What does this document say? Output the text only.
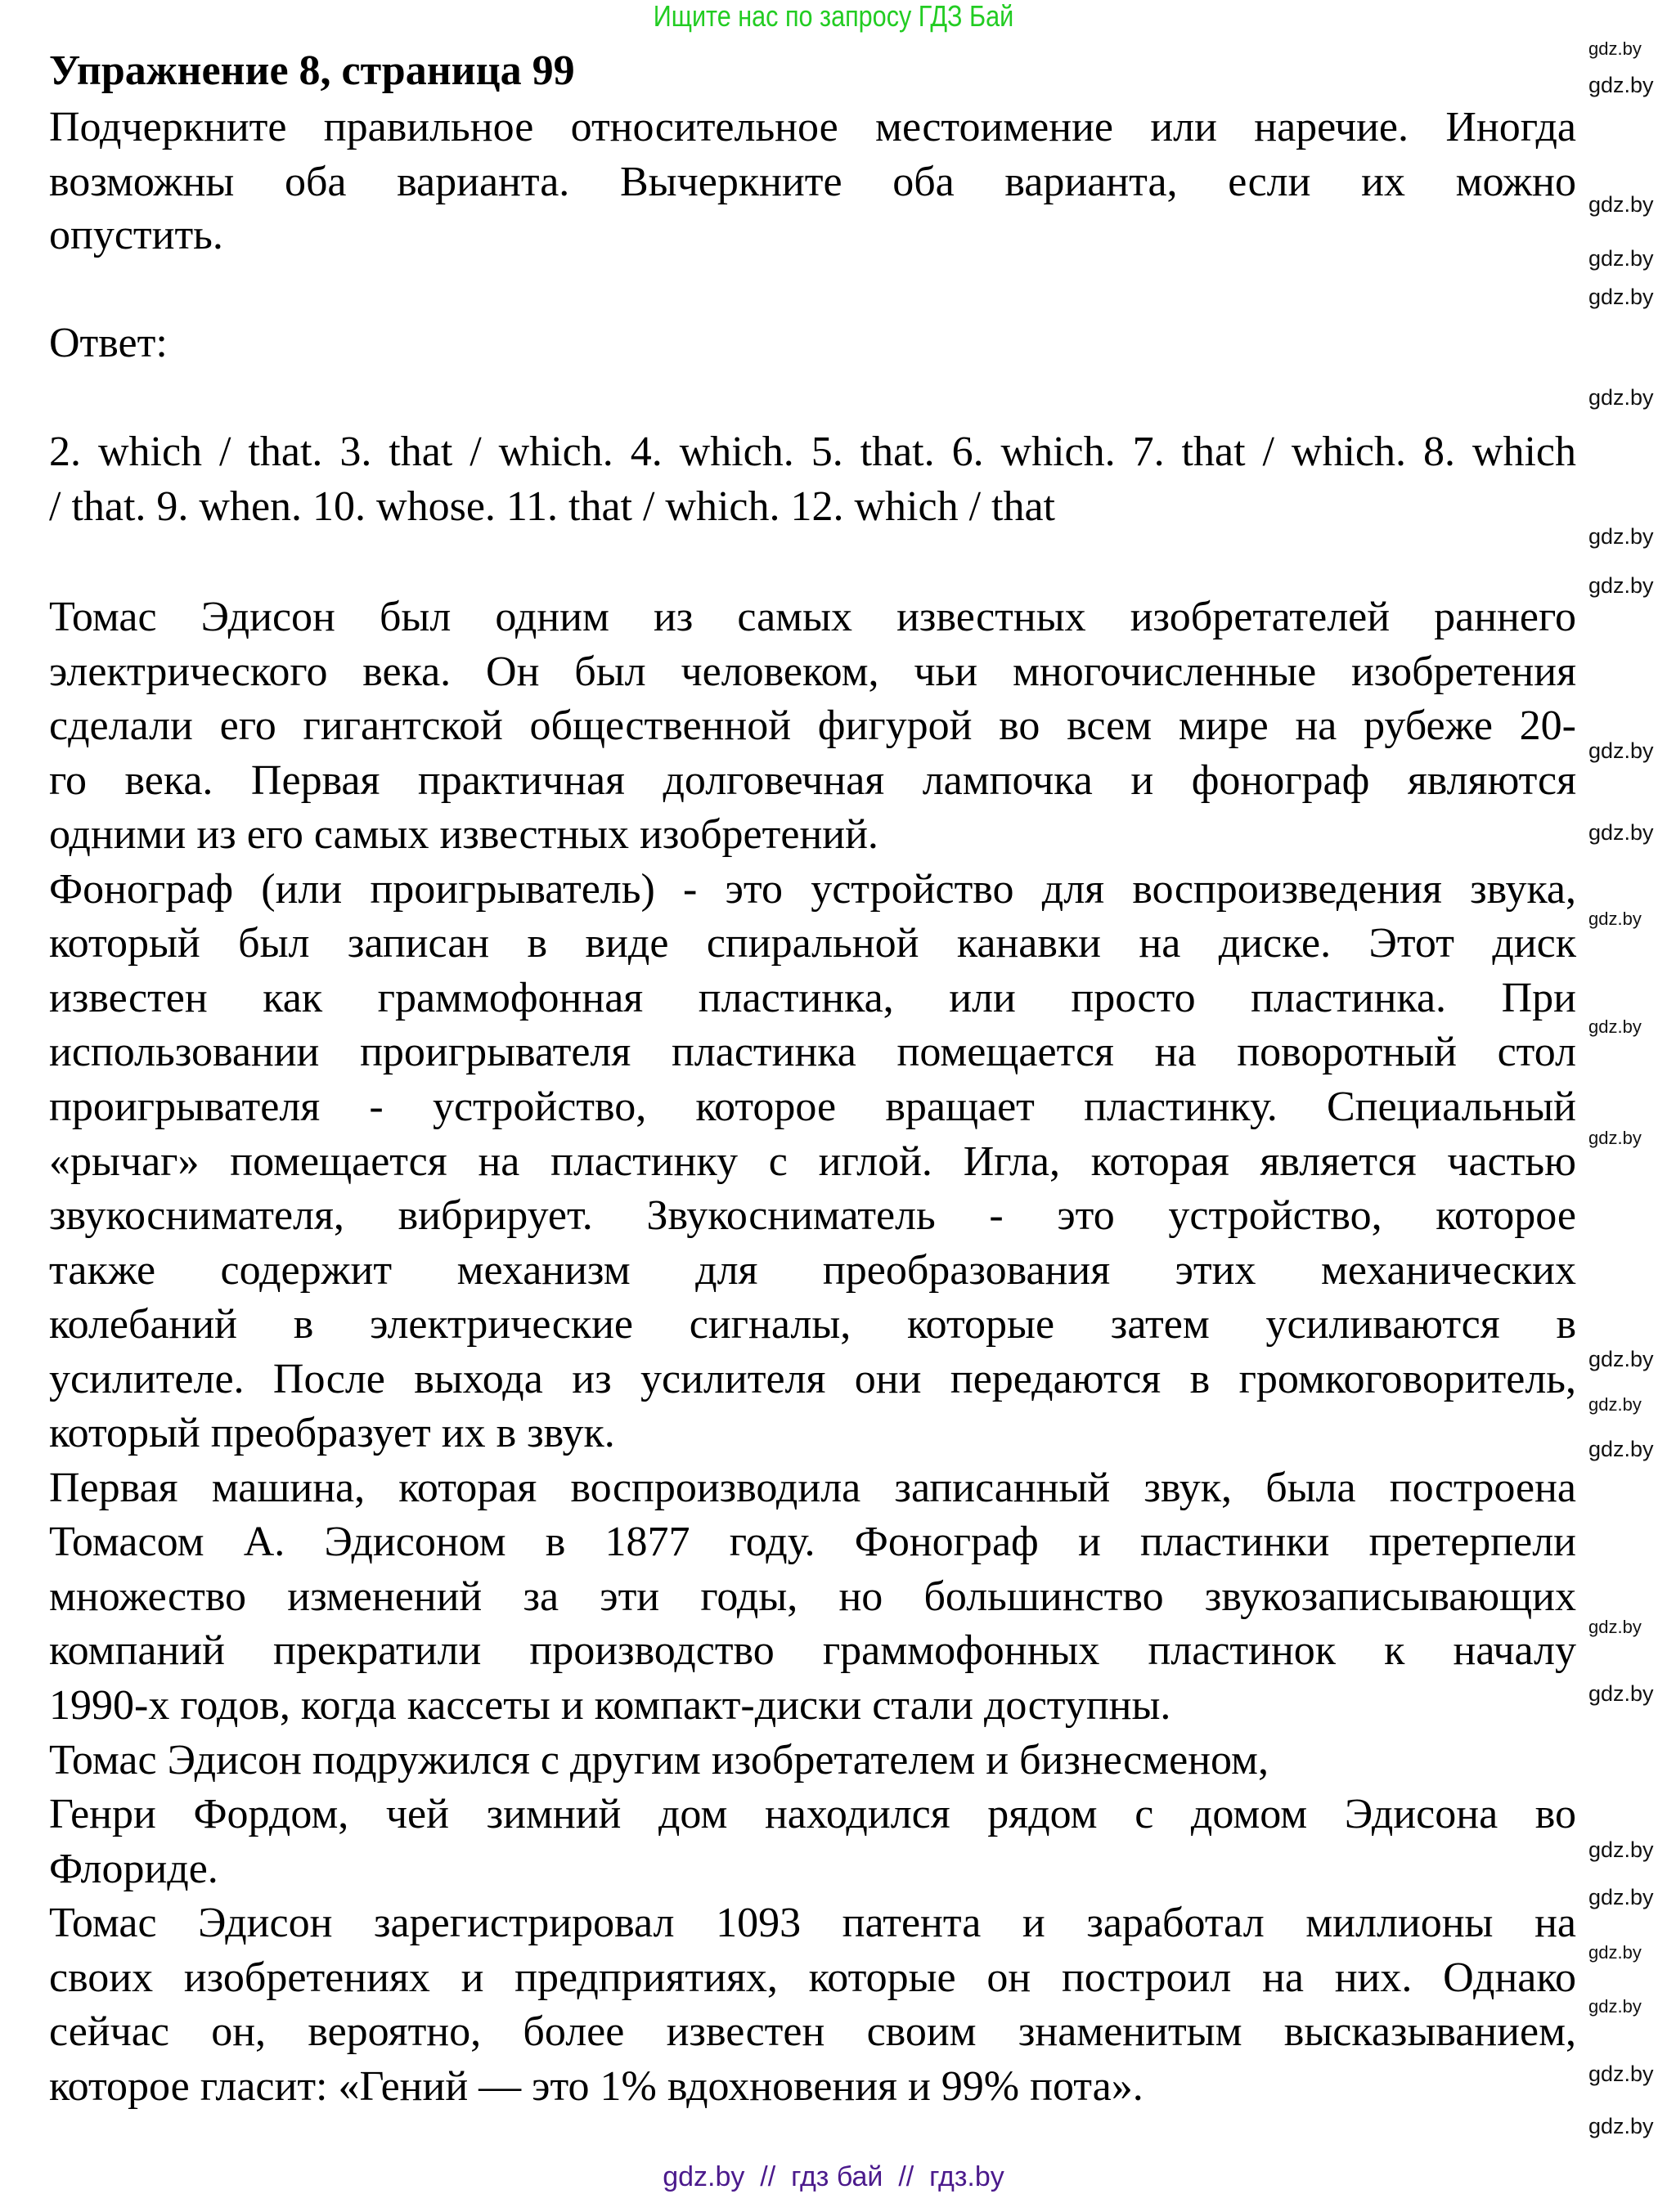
Ищите нас по запросу ГДЗ Бай
Упражнение 8, страница 99
Подчеркните правильное относительное местоимение или наречие. Иногда
возможны оба варианта. Вычеркните оба варианта, если их можно
опустить.
Ответ:
2. which / that. 3. that / which. 4. which. 5. that. 6. which. 7. that / which. 8. which
/ that. 9. when. 10. whose. 11. that / which. 12. which / that
Томас Эдисон был одним из самых известных изобретателей раннего
электрического века. Он был человеком, чьи многочисленные изобретения
сделали его гигантской общественной фигурой во всем мире на рубеже 20-
го века. Первая практичная долговечная лампочка и фонограф являются
одними из его самых известных изобретений.
Фонограф (или проигрыватель) - это устройство для воспроизведения звука,
который был записан в виде спиральной канавки на диске. Этот диск
известен как граммофонная пластинка, или просто пластинка. При
использовании проигрывателя пластинка помещается на поворотный стол
проигрывателя - устройство, которое вращает пластинку. Специальный
«рычаг» помещается на пластинку с иглой. Игла, которая является частью
звукоснимателя, вибрирует. Звукосниматель - это устройство, которое
также содержит механизм для преобразования этих механических
колебаний в электрические сигналы, которые затем усиливаются в
усилителе. После выхода из усилителя они передаются в громкоговоритель,
который преобразует их в звук.
Первая машина, которая воспроизводила записанный звук, была построена
Томасом А. Эдисоном в 1877 году. Фонограф и пластинки претерпели
множество изменений за эти годы, но большинство звукозаписывающих
компаний прекратили производство граммофонных пластинок к началу
1990-х годов, когда кассеты и компакт-диски стали доступны.
Томас Эдисон подружился с другим изобретателем и бизнесменом,
Генри Фордом, чей зимний дом находился рядом с домом Эдисона во
Флориде.
Томас Эдисон зарегистрировал 1093 патента и заработал миллионы на
своих изобретениях и предприятиях, которые он построил на них. Однако
сейчас он, вероятно, более известен своим знаменитым высказыванием,
которое гласит: «Гений — это 1% вдохновения и 99% пота».
gdz.by
gdz.by
gdz.by
gdz.by
gdz.by
gdz.by
gdz.by
gdz.by
gdz.by
gdz.by
gdz.by
gdz.by
gdz.by
gdz.by
gdz.by
gdz.by
gdz.by
gdz.by
gdz.by
gdz.by
gdz.by
gdz.by
gdz.by
gdz.by
gdz.by  //  гдз бай  //  гдз.by
